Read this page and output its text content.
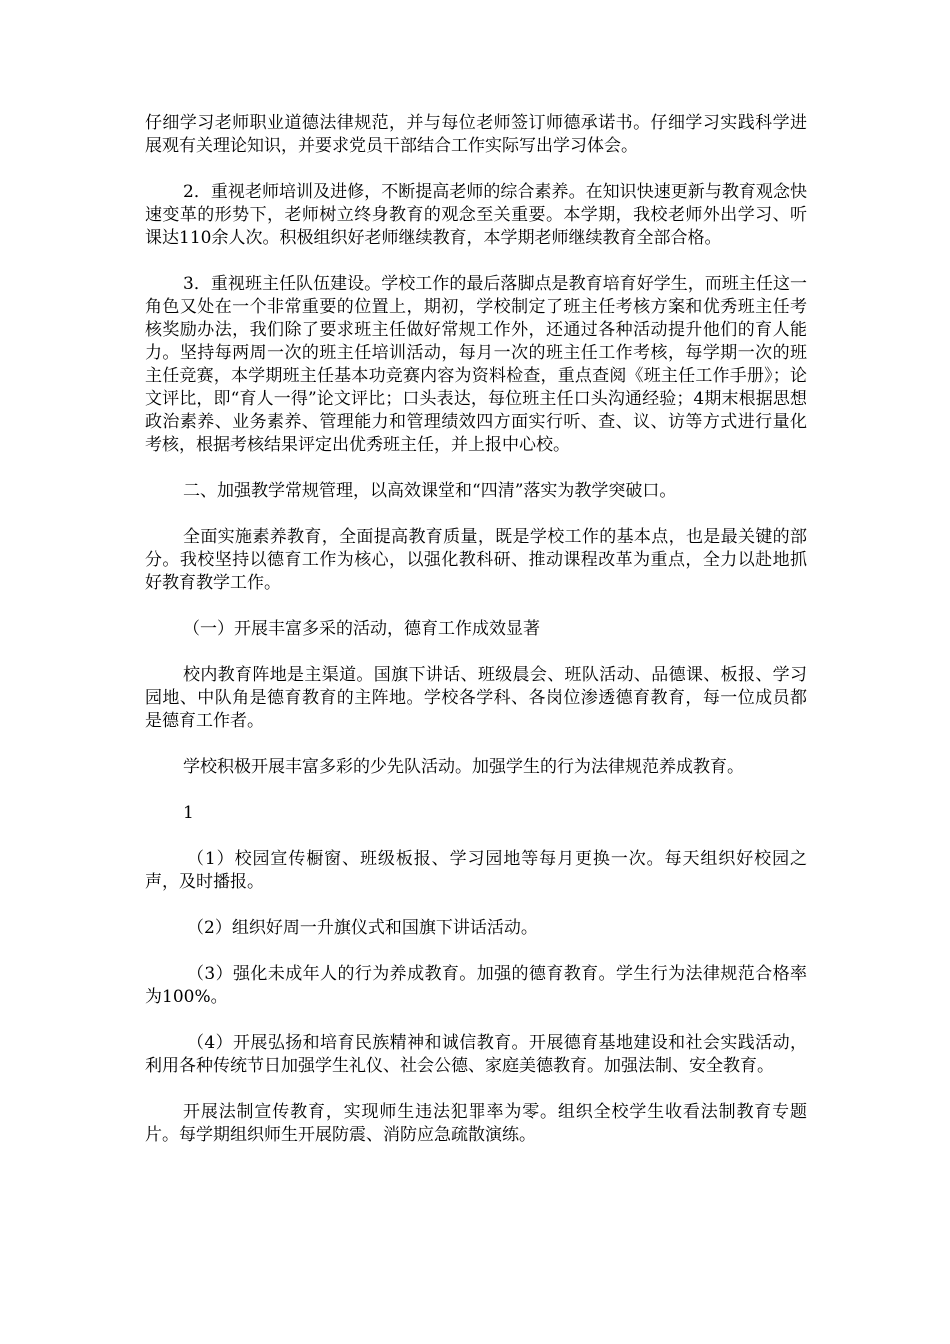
仔细学习老师职业道德法律规范，并与每位老师签订师德承诺书。仔细学习实践科学进展观有关理论知识，并要求党员干部结合工作实际写出学习体会。

2．重视老师培训及进修，不断提高老师的综合素养。在知识快速更新与教育观念快速变革的形势下，老师树立终身教育的观念至关重要。本学期，我校老师外出学习、听课达110余人次。积极组织好老师继续教育，本学期老师继续教育全部合格。

3．重视班主任队伍建设。学校工作的最后落脚点是教育培育好学生，而班主任这一角色又处在一个非常重要的位置上，期初，学校制定了班主任考核方案和优秀班主任考核奖励办法，我们除了要求班主任做好常规工作外，还通过各种活动提升他们的育人能力。坚持每两周一次的班主任培训活动，每月一次的班主任工作考核，每学期一次的班主任竞赛，本学期班主任基本功竞赛内容为资料检查，重点查阅《班主任工作手册》；论文评比，即“育人一得”论文评比；口头表达，每位班主任口头沟通经验；4期末根据思想政治素养、业务素养、管理能力和管理绩效四方面实行听、查、议、访等方式进行量化考核，根据考核结果评定出优秀班主任，并上报中心校。

二、加强教学常规管理，以高效课堂和“四清”落实为教学突破口。

全面实施素养教育，全面提高教育质量，既是学校工作的基本点，也是最关键的部分。我校坚持以德育工作为核心，以强化教科研、推动课程改革为重点，全力以赴地抓好教育教学工作。

（一）开展丰富多采的活动，德育工作成效显著

校内教育阵地是主渠道。国旗下讲话、班级晨会、班队活动、品德课、板报、学习园地、中队角是德育教育的主阵地。学校各学科、各岗位渗透德育教育，每一位成员都是德育工作者。

学校积极开展丰富多彩的少先队活动。加强学生的行为法律规范养成教育。

1

（1）校园宣传橱窗、班级板报、学习园地等每月更换一次。每天组织好校园之声，及时播报。

（2）组织好周一升旗仪式和国旗下讲话活动。

（3）强化未成年人的行为养成教育。加强的德育教育。学生行为法律规范合格率为100%。

（4）开展弘扬和培育民族精神和诚信教育。开展德育基地建设和社会实践活动，利用各种传统节日加强学生礼仪、社会公德、家庭美德教育。加强法制、安全教育。

开展法制宣传教育，实现师生违法犯罪率为零。组织全校学生收看法制教育专题片。每学期组织师生开展防震、消防应急疏散演练。
